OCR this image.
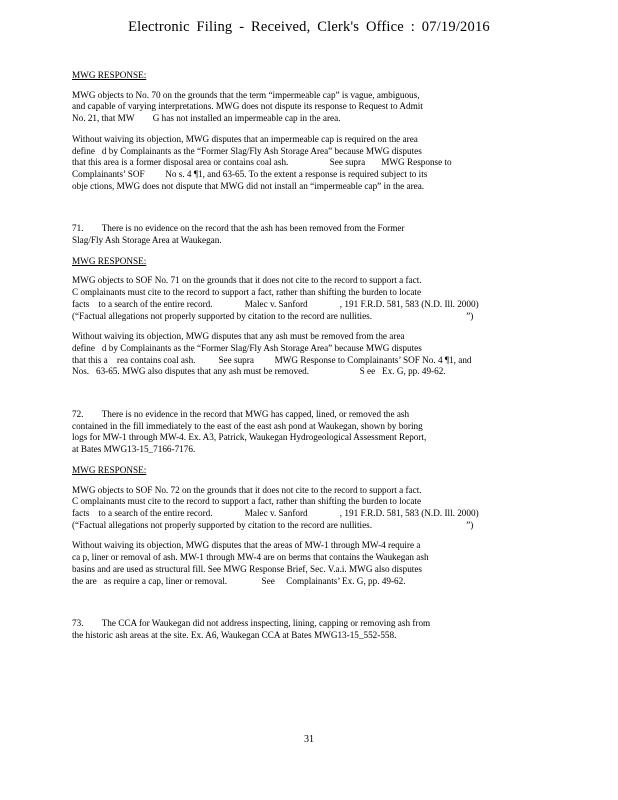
Electronic Filing - Received, Clerk's Office : 07/19/2016
MWG RESPONSE:

MWG objects to No. 70 on the grounds that the term “impermeable cap” is vague, ambiguous,

and capable of varying interpretations. MWG does not dispute its response to Request to Admit

No. 21, that MW        G has not installed an impermeable cap in the area.

Without waiving its objection, MWG disputes that an impermeable cap is required on the area

define   d by Complainants as the “Former Slag/Fly Ash Storage Area” because MWG disputes

that this area is a former disposal area or contains coal ash.                  See supra       MWG Response to

Complainants’ SOF         No s. 4 ¶1, and 63-65. To the extent a response is required subject to its

obje ctions, MWG does not dispute that MWG did not install an “impermeable cap” in the area.

71.        There is no evidence on the record that the ash has been removed from the Former

Slag/Fly Ash Storage Area at Waukegan.

MWG RESPONSE:

MWG objects to SOF No. 71 on the grounds that it does not cite to the record to support a fact.

C omplainants must cite to the record to support a fact, rather than shifting the burden to locate

facts    to a search of the entire record.              Malec v. Sanford              , 191 F.R.D. 581, 583 (N.D. Ill. 2000)

(“Factual allegations not properly supported by citation to the record are nullities.                                         ”)

Without waiving its objection, MWG disputes that any ash must be removed from the area

define   d by Complainants as the “Former Slag/Fly Ash Storage Area” because MWG disputes

that this a    rea contains coal ash.          See supra         MWG Response to Complainants’ SOF No. 4 ¶1, and

Nos.   63-65. MWG also disputes that any ash must be removed.                      S ee   Ex. G, pp. 49-62.

72.        There is no evidence in the record that MWG has capped, lined, or removed the ash

contained in the fill immediately to the east of the east ash pond at Waukegan, shown by boring

logs for MW-1 through MW-4. Ex. A3, Patrick, Waukegan Hydrogeological Assessment Report,

at Bates MWG13-15_7166-7176.

MWG RESPONSE:

MWG objects to SOF No. 72 on the grounds that it does not cite to the record to support a fact.

C omplainants must cite to the record to support a fact, rather than shifting the burden to locate

facts    to a search of the entire record.              Malec v. Sanford              , 191 F.R.D. 581, 583 (N.D. Ill. 2000)

(“Factual allegations not properly supported by citation to the record are nullities.                                         ”)

Without waiving its objection, MWG disputes that the areas of MW-1 through MW-4 require a

ca p, liner or removal of ash. MW-1 through MW-4 are on berms that contains the Waukegan ash

basins and are used as structural fill. See MWG Response Brief, Sec. V.a.i. MWG also disputes

the are   as require a cap, liner or removal.               See     Complainants’ Ex. G, pp. 49-62.

73.        The CCA for Waukegan did not address inspecting, lining, capping or removing ash from

the historic ash areas at the site. Ex. A6, Waukegan CCA at Bates MWG13-15_552-558.

31
